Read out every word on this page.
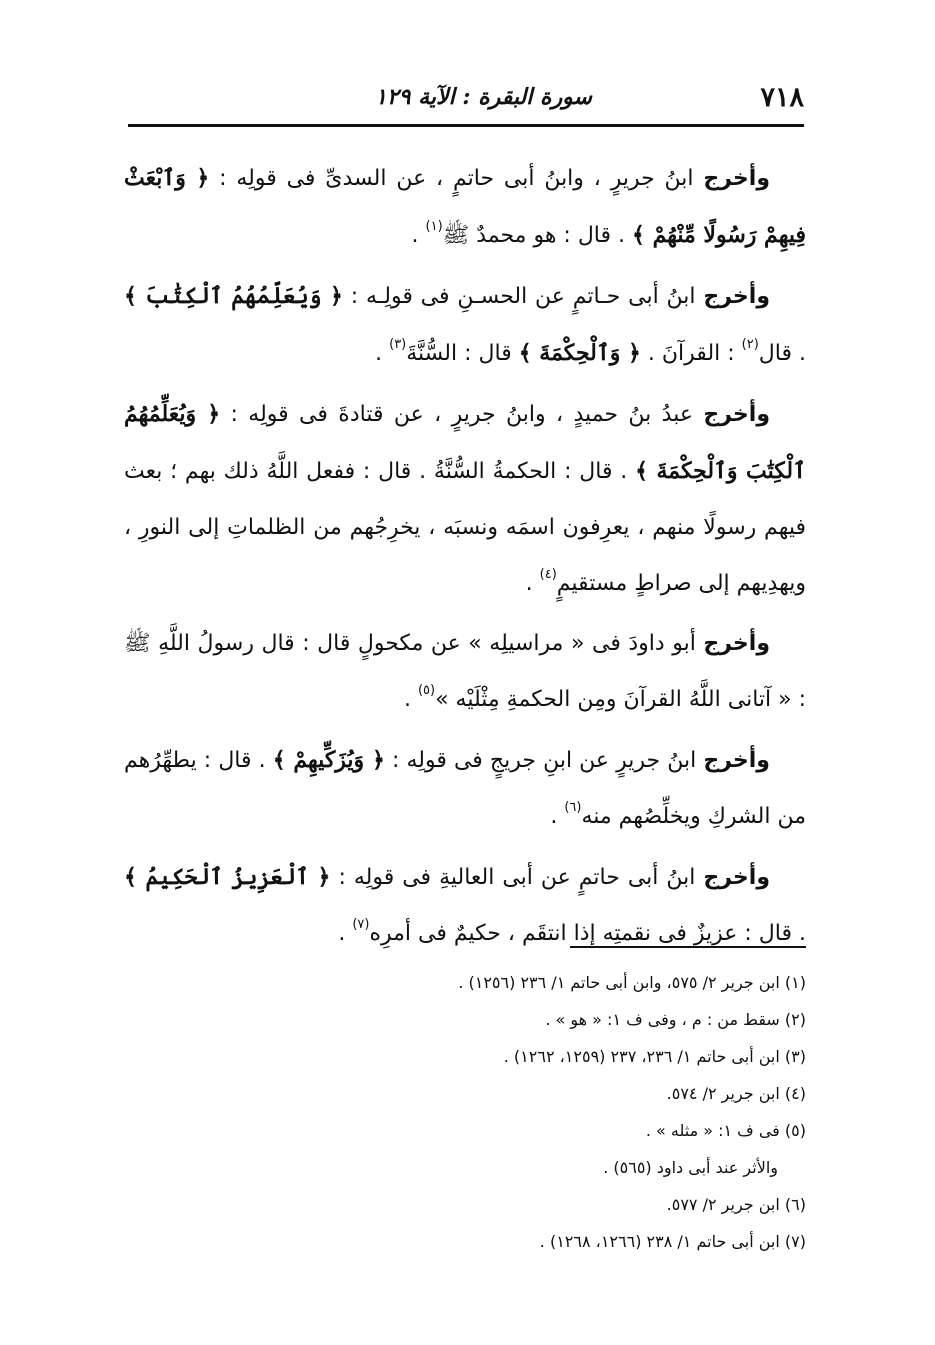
٧١٨
سورة البقرة : الآية ١٢٩

وأخرج ابنُ جريرٍ ، وابنُ أبى حاتمٍ ، عن السدىِّ فى قولِه : ﴿ وَٱبْعَثْ فِيهِمْ رَسُولًا مِّنْهُمْ ﴾ . قال : هو محمدٌ ﷺ$^{(١)}$ .

وأخرج ابنُ أبى حـاتمٍ عن الحسـنِ فى قولِـه : ﴿ وَيُعَلِّمُهُمُ ٱلْكِتَٰبَ ﴾ . قال$^{(٢)}$ : القرآنَ . ﴿ وَٱلْحِكْمَةَ ﴾ قال : السُّنَّةَ$^{(٣)}$ .

وأخرج عبدُ بنُ حميدٍ ، وابنُ جريرٍ ، عن قتادةَ فى قولِه : ﴿ وَيُعَلِّمُهُمُ ٱلْكِتَٰبَ وَٱلْحِكْمَةَ ﴾ . قال : الحكمةُ السُّنَّةُ . قال : ففعل اللَّهُ ذلك بهم ؛ بعث فيهم رسولًا منهم ، يعرِفون اسمَه ونسبَه ، يخرِجُهم من الظلماتِ إلى النورِ ، ويهدِيهم إلى صراطٍ مستقيمٍ$^{(٤)}$ .

وأخرج أبو داودَ فى « مراسيلِه » عن مكحولٍ قال : قال رسولُ اللَّهِ ﷺ : « آتانى اللَّهُ القرآنَ ومِن الحكمةِ مِثْلَيْه »$^{(٥)}$ .

وأخرج ابنُ جريرٍ عن ابنِ جريجٍ فى قولِه : ﴿ وَيُزَكِّيهِمْ ﴾ . قال : يطهِّرُهم من الشركِ ويخلِّصُهم منه$^{(٦)}$ .

وأخرج ابنُ أبى حاتمٍ عن أبى العاليةِ فى قولِه : ﴿ ٱلْعَزِيزُ ٱلْحَكِيمُ ﴾ . قال : عزيزٌ فى نقمتِه إذا انتقَم ، حكيمٌ فى أمرِه$^{(٧)}$ .

(١) ابن جرير ٢/ ٥٧٥، وابن أبى حاتم ١/ ٢٣٦ (١٢٥٦) .
(٢) سقط من : م ، وفى ف ١: « هو » .
(٣) ابن أبى حاتم ١/ ٢٣٦، ٢٣٧ (١٢٥٩، ١٢٦٢) .
(٤) ابن جرير ٢/ ٥٧٤.
(٥) فى ف ١: « مثله » .
والأثر عند أبى داود (٥٦٥) .
(٦) ابن جرير ٢/ ٥٧٧.
(٧) ابن أبى حاتم ١/ ٢٣٨ (١٢٦٦، ١٢٦٨) .
